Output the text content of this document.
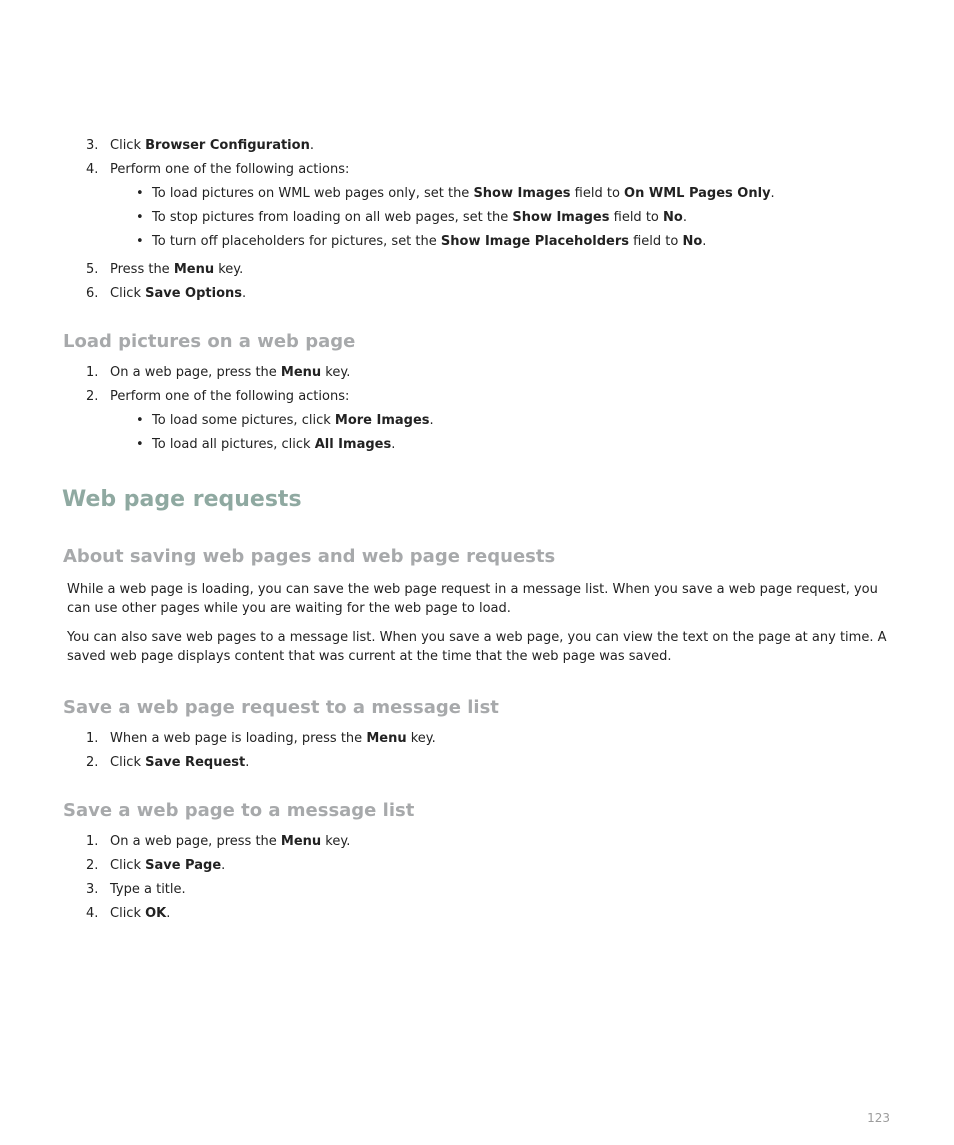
3. Click Browser Configuration.
4. Perform one of the following actions:
• To load pictures on WML web pages only, set the Show Images field to On WML Pages Only.
• To stop pictures from loading on all web pages, set the Show Images field to No.
• To turn off placeholders for pictures, set the Show Image Placeholders field to No.
5. Press the Menu key.
6. Click Save Options.
Load pictures on a web page
1. On a web page, press the Menu key.
2. Perform one of the following actions:
• To load some pictures, click More Images.
• To load all pictures, click All Images.
Web page requests
About saving web pages and web page requests

While a web page is loading, you can save the web page request in a message list. When you save a web page request, you can use other pages while you are waiting for the web page to load.

You can also save web pages to a message list. When you save a web page, you can view the text on the page at any time. A saved web page displays content that was current at the time that the web page was saved.

Save a web page request to a message list
1. When a web page is loading, press the Menu key.
2. Click Save Request.
Save a web page to a message list
1. On a web page, press the Menu key.
2. Click Save Page.
3. Type a title.
4. Click OK.
123
